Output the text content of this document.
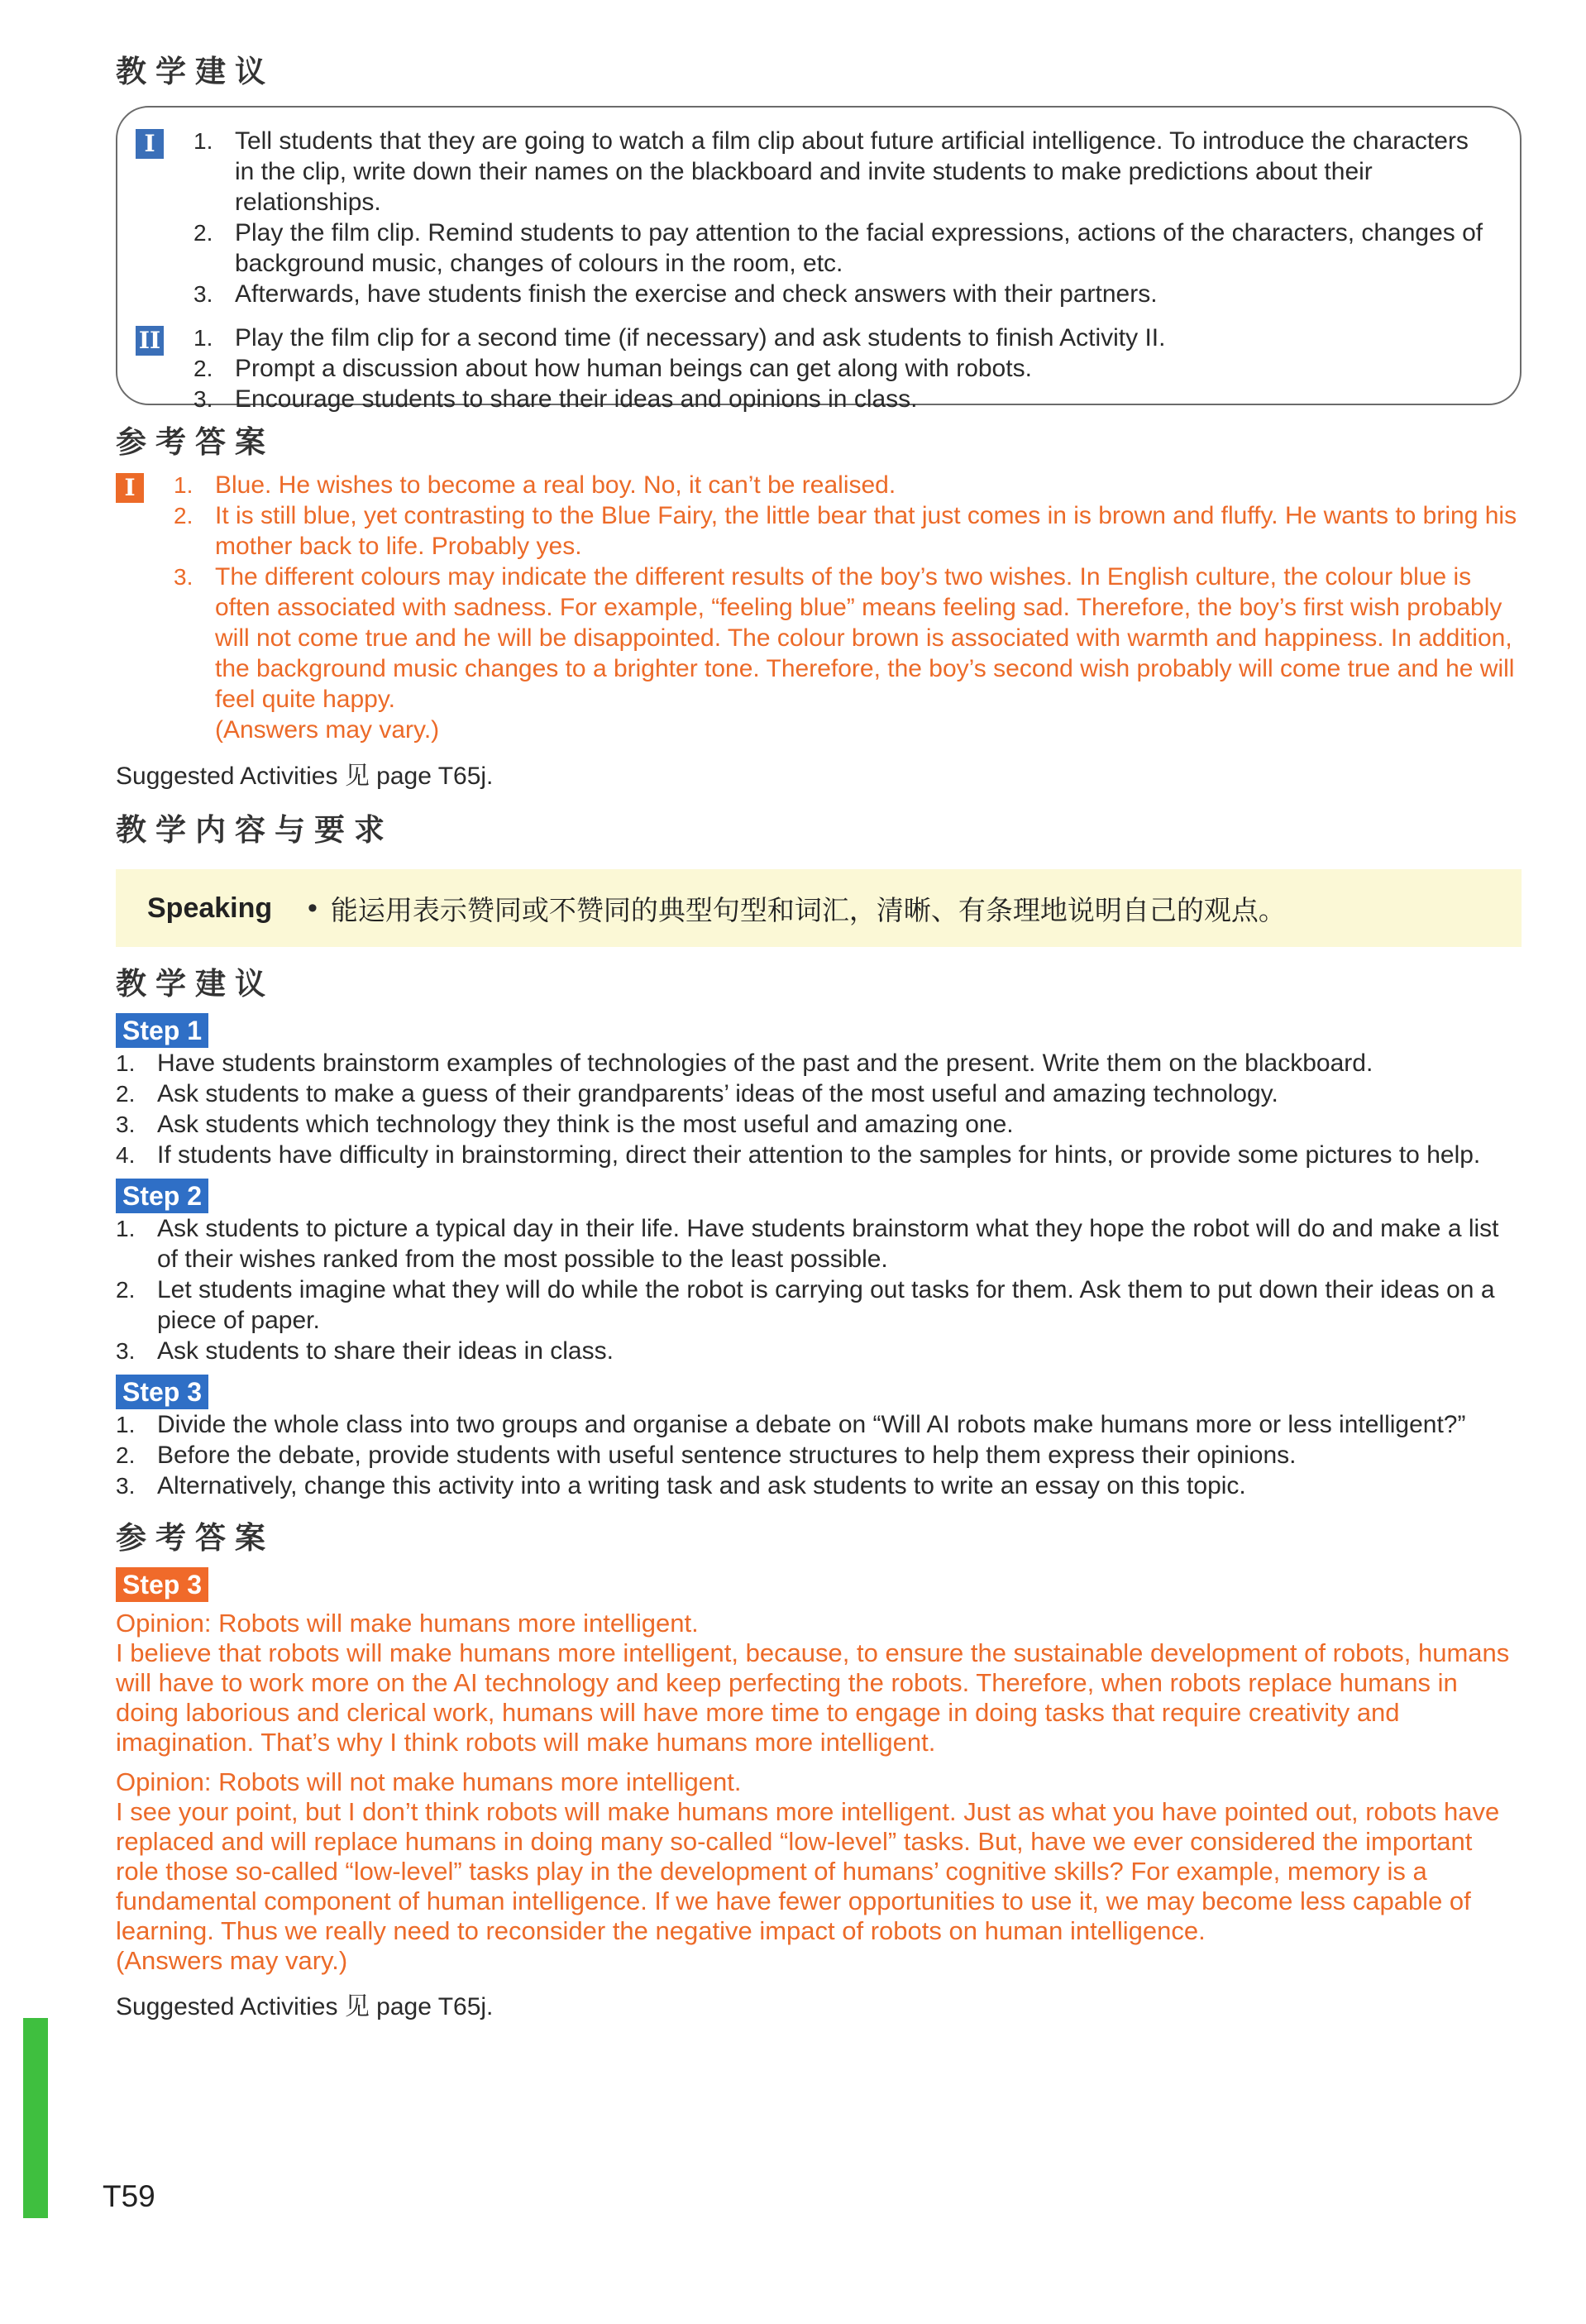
教学建议
I	1. Tell students that they are going to watch a film clip about future artificial intelligence. To introduce the characters in the clip, write down their names on the blackboard and invite students to make predictions about their relationships.
2. Play the film clip. Remind students to pay attention to the facial expressions, actions of the characters, changes of background music, changes of colours in the room, etc.
3. Afterwards, have students finish the exercise and check answers with their partners.
II 1. Play the film clip for a second time (if necessary) and ask students to finish Activity II.
2. Prompt a discussion about how human beings can get along with robots.
3. Encourage students to share their ideas and opinions in class.
参考答案
I	1. Blue. He wishes to become a real boy. No, it can’t be realised.
2. It is still blue, yet contrasting to the Blue Fairy, the little bear that just comes in is brown and fluffy. He wants to bring his mother back to life. Probably yes.
3. The different colours may indicate the different results of the boy’s two wishes. In English culture, the colour blue is often associated with sadness. For example, “feeling blue” means feeling sad. Therefore, the boy’s first wish probably will not come true and he will be disappointed. The colour brown is associated with warmth and happiness. In addition, the background music changes to a brighter tone. Therefore, the boy’s second wish probably will come true and he will feel quite happy.
(Answers may vary.)
Suggested Activities 见 page T65j.
教学内容与要求
Speaking	• 能运用表示赞同或不赞同的典型句型和词汇，清晰、有条理地说明自己的观点。
教学建议
Step 1
1. Have students brainstorm examples of technologies of the past and the present. Write them on the blackboard.
2. Ask students to make a guess of their grandparents’ ideas of the most useful and amazing technology.
3. Ask students which technology they think is the most useful and amazing one.
4. If students have difficulty in brainstorming, direct their attention to the samples for hints, or provide some pictures to help.
Step 2
1. Ask students to picture a typical day in their life. Have students brainstorm what they hope the robot will do and make a list of their wishes ranked from the most possible to the least possible.
2. Let students imagine what they will do while the robot is carrying out tasks for them. Ask them to put down their ideas on a piece of paper.
3. Ask students to share their ideas in class.
Step 3
1. Divide the whole class into two groups and organise a debate on “Will AI robots make humans more or less intelligent?”
2. Before the debate, provide students with useful sentence structures to help them express their opinions.
3. Alternatively, change this activity into a writing task and ask students to write an essay on this topic.
参考答案
Step 3

Opinion: Robots will make humans more intelligent.

I believe that robots will make humans more intelligent, because, to ensure the sustainable development of robots, humans will have to work more on the AI technology and keep perfecting the robots. Therefore, when robots replace humans in doing laborious and clerical work, humans will have more time to engage in doing tasks that require creativity and imagination. That’s why I think robots will make humans more intelligent.

Opinion: Robots will not make humans more intelligent.

I see your point, but I don’t think robots will make humans more intelligent. Just as what you have pointed out, robots have replaced and will replace humans in doing many so-called “low-level” tasks. But, have we ever considered the important role those so-called “low-level” tasks play in the development of humans’ cognitive skills? For example, memory is a fundamental component of human intelligence. If we have fewer opportunities to use it, we may become less capable of learning. Thus we really need to reconsider the negative impact of robots on human intelligence.

(Answers may vary.)

Suggested Activities 见 page T65j.
T59
